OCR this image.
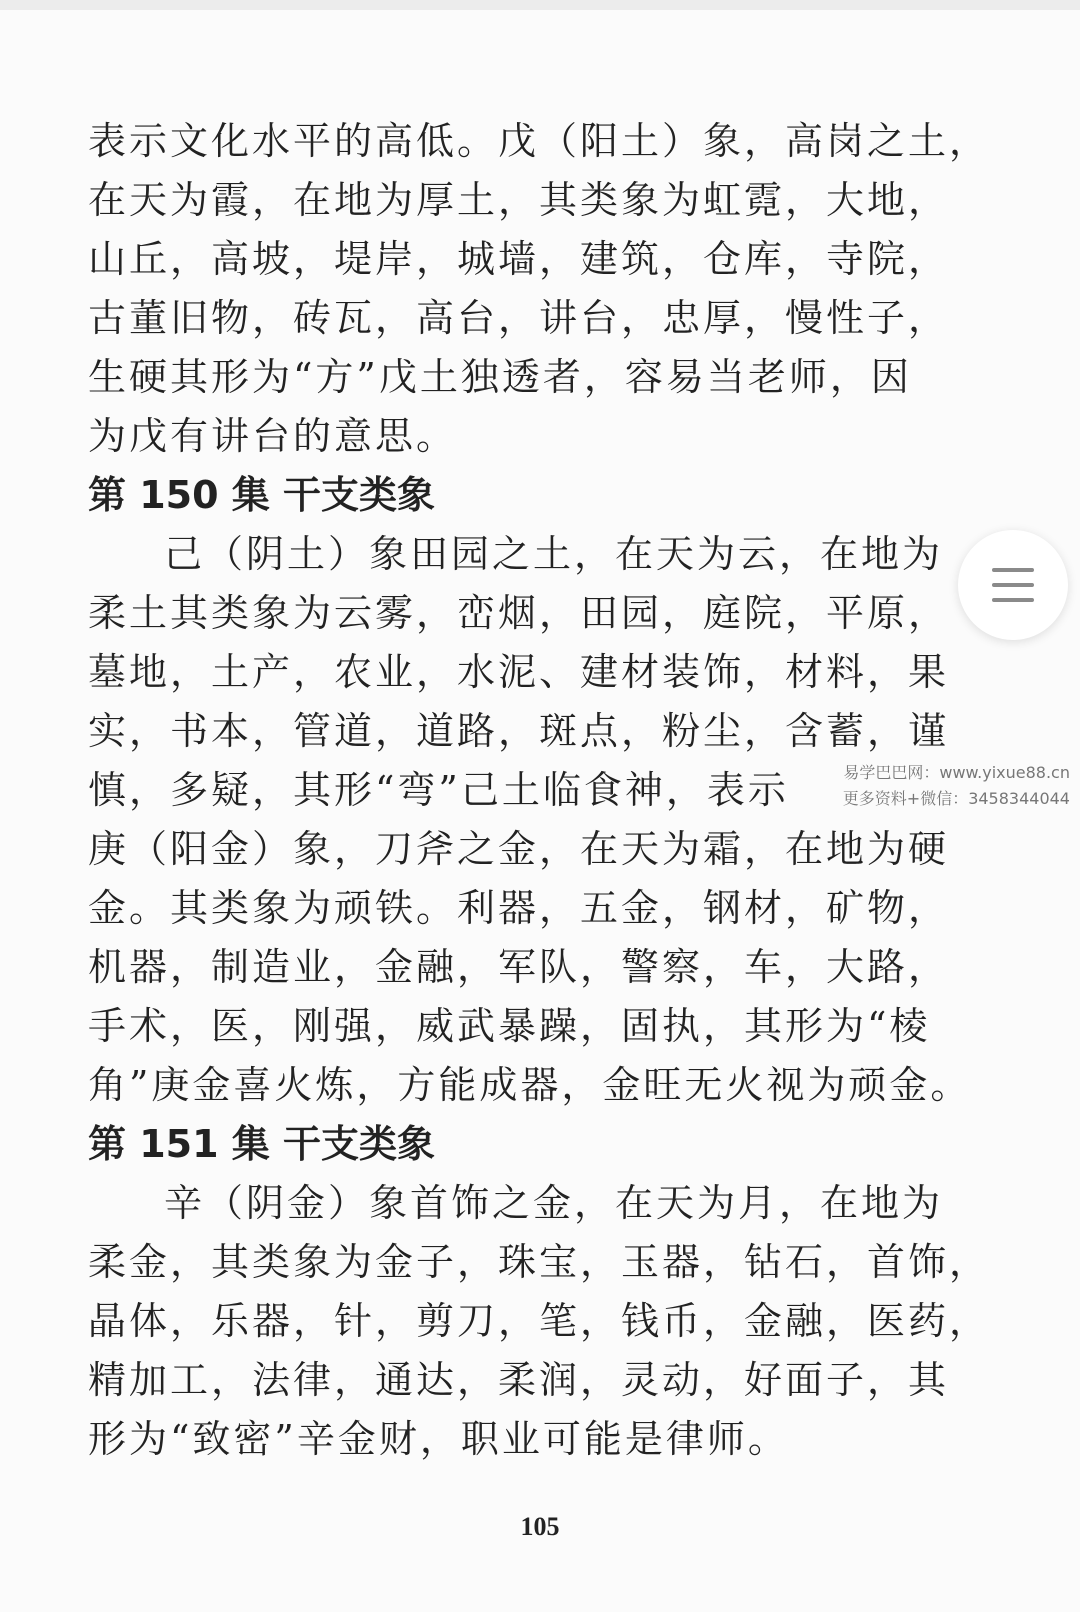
表示文化水平的高低。戊（阳土）象，高岗之土，
在天为霞，在地为厚土，其类象为虹霓，大地，
山丘，高坡，堤岸，城墙，建筑，仓库，寺院，
古董旧物，砖瓦，高台，讲台，忠厚，慢性子，
生硬其形为“方”戊土独透者，容易当老师，因
为戊有讲台的意思。
第 150 集 干支类象
己（阴土）象田园之土，在天为云，在地为
柔土其类象为云雾，峦烟，田园，庭院，平原，
墓地，土产，农业，水泥、建材装饰，材料，果
实，书本，管道，道路，斑点，粉尘，含蓄，谨
慎，多疑，其形“弯”己土临食神，表示
庚（阳金）象，刀斧之金，在天为霜，在地为硬
金。其类象为顽铁。利器，五金，钢材，矿物，
机器，制造业，金融，军队，警察，车，大路，
手术，医，刚强，威武暴躁，固执，其形为“棱
角”庚金喜火炼，方能成器，金旺无火视为顽金。
第 151 集 干支类象
辛（阴金）象首饰之金，在天为月，在地为
柔金，其类象为金子，珠宝，玉器，钻石，首饰，
晶体，乐器，针，剪刀，笔，钱币，金融，医药，
精加工，法律，通达，柔润，灵动，好面子，其
形为“致密”辛金财，职业可能是律师。
易学巴巴网：www.yixue88.cn
更多资料+微信：3458344044
105
